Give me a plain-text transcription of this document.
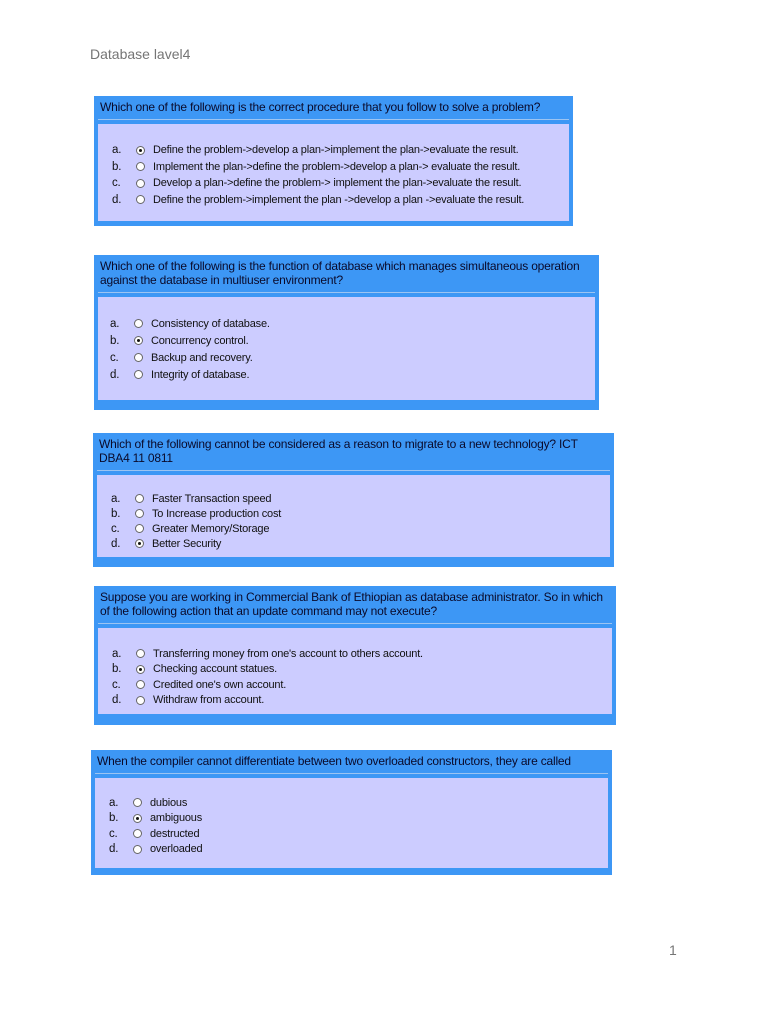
Database lavel4
Which one of the following is the correct procedure that you follow to solve a problem?
a.	Define the problem->develop a plan->implement the plan->evaluate the result.
b.	Implement the plan->define the problem->develop a plan-> evaluate the result.
c.	Develop a plan->define the problem-> implement the plan->evaluate the result.
d.	Define the problem->implement the plan ->develop a plan ->evaluate the result.
Which one of the following is the function of database which manages simultaneous operation against the database in multiuser environment?
a.	Consistency of database.
b.	Concurrency control.
c.	Backup and recovery.
d.	Integrity of database.
Which of the following cannot be considered as a reason to migrate to a new technology? ICT DBA4 11 0811
a.	Faster Transaction speed
b.	To Increase production cost
c.	Greater Memory/Storage
d.	Better Security
Suppose you are working in Commercial Bank of Ethiopian as database administrator. So in which of the following action that an update command may not execute?
a.	Transferring money from one's account to others account.
b.	Checking account statues.
c.	Credited one's own account.
d.	Withdraw from account.
When the compiler cannot differentiate between two overloaded constructors, they are called
a.	dubious
b.	ambiguous
c.	destructed
d.	overloaded
1
